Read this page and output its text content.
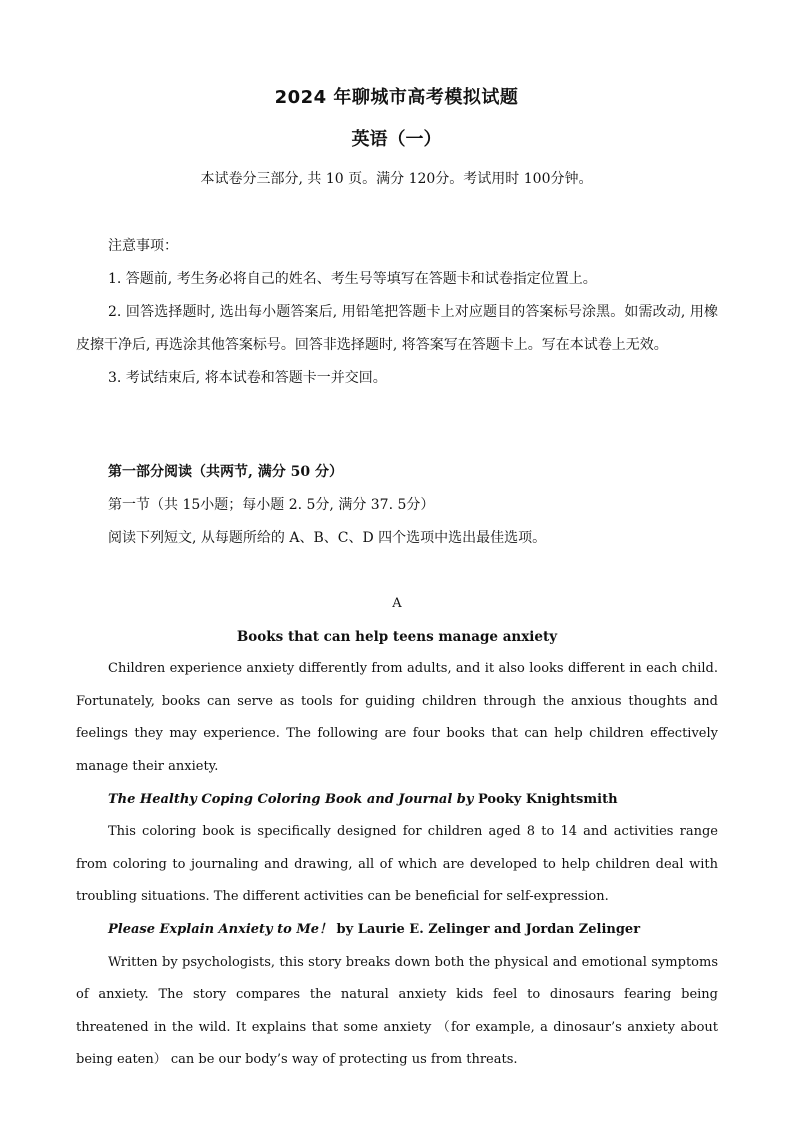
2024 年聊城市高考模拟试题
英语（一）
本试卷分三部分, 共 10 页。满分 120分。考试用时 100分钟。

注意事项：

1. 答题前, 考生务必将自己的姓名、考生号等填写在答题卡和试卷指定位置上。

2. 回答选择题时, 选出每小题答案后, 用铅笔把答题卡上对应题目的答案标号涂黑。如需改动, 用橡皮擦干净后, 再选涂其他答案标号。回答非选择题时, 将答案写在答题卡上。写在本试卷上无效。

3. 考试结束后, 将本试卷和答题卡一并交回。

第一部分阅读（共两节, 满分 50 分）

第一节（共 15小题；每小题 2. 5分, 满分 37. 5分）

阅读下列短文, 从每题所给的 A、B、C、D 四个选项中选出最佳选项。

A

Books that can help teens manage anxiety

Children experience anxiety differently from adults, and it also looks different in each child. Fortunately, books can serve as tools for guiding children through the anxious thoughts and feelings they may experience. The following are four books that can help children effectively manage their anxiety.

The Healthy Coping Coloring Book and Journal by Pooky Knightsmith

This coloring book is specifically designed for children aged 8 to 14 and activities range from coloring to journaling and drawing, all of which are developed to help children deal with troubling situations. The different activities can be beneficial for self-expression.

Please Explain Anxiety to Me！ by Laurie E. Zelinger and Jordan Zelinger

Written by psychologists, this story breaks down both the physical and emotional symptoms of anxiety. The story compares the natural anxiety kids feel to dinosaurs fearing being threatened in the wild. It explains that some anxiety （for example, a dinosaur’s anxiety about being eaten） can be our body’s way of protecting us from threats.
